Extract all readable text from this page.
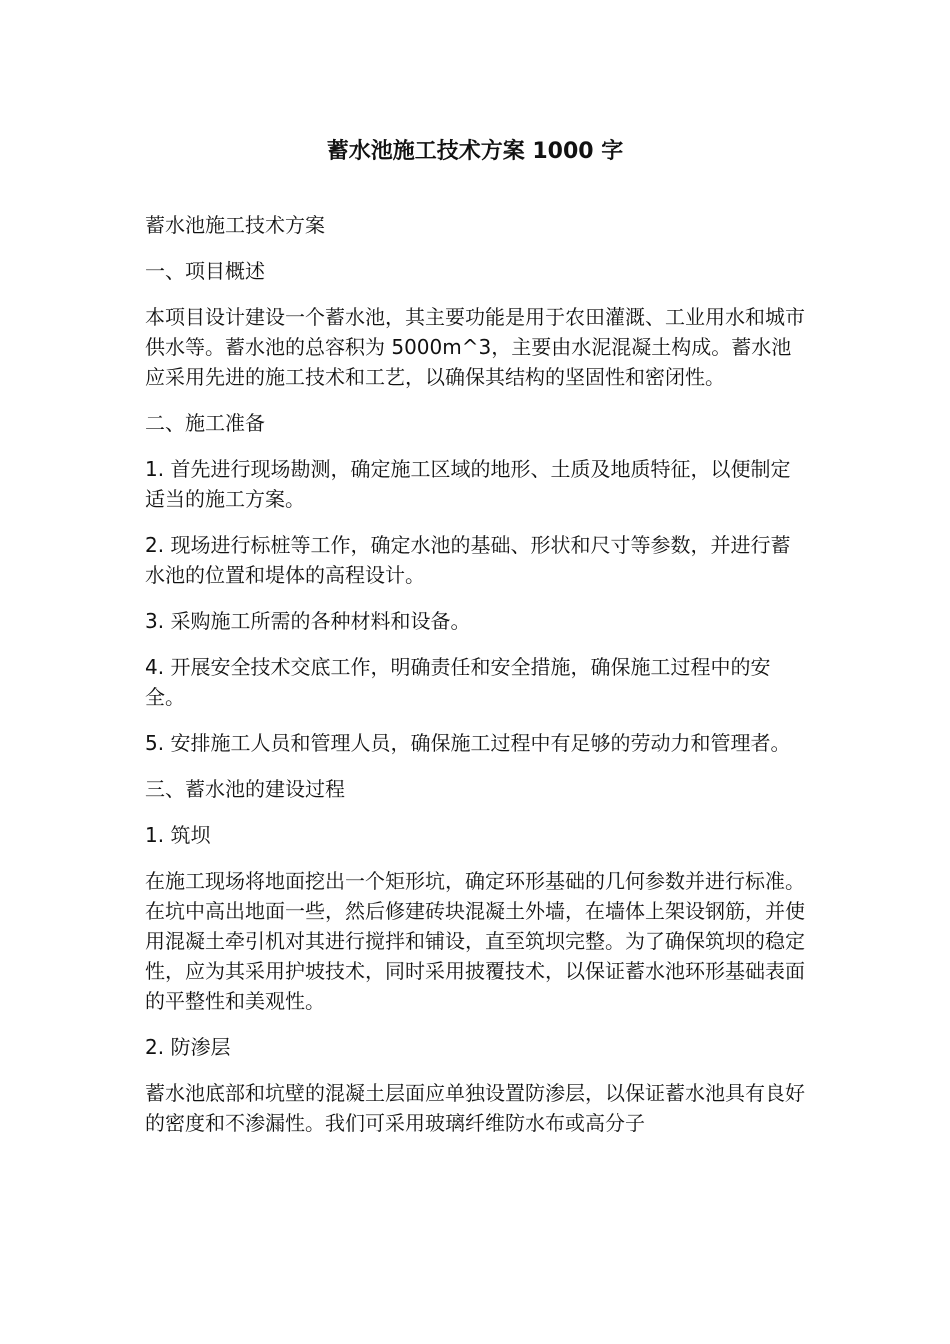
蓄水池施工技术方案 1000 字

蓄水池施工技术方案

一、项目概述

本项目设计建设一个蓄水池，其主要功能是用于农田灌溉、工业用水和城市供水等。蓄水池的总容积为 5000m^3，主要由水泥混凝土构成。蓄水池应采用先进的施工技术和工艺，以确保其结构的坚固性和密闭性。

二、施工准备

1. 首先进行现场勘测，确定施工区域的地形、土质及地质特征，以便制定适当的施工方案。

2. 现场进行标桩等工作，确定水池的基础、形状和尺寸等参数，并进行蓄水池的位置和堤体的高程设计。

3. 采购施工所需的各种材料和设备。

4. 开展安全技术交底工作，明确责任和安全措施，确保施工过程中的安全。

5. 安排施工人员和管理人员，确保施工过程中有足够的劳动力和管理者。

三、蓄水池的建设过程

1. 筑坝

在施工现场将地面挖出一个矩形坑，确定环形基础的几何参数并进行标准。在坑中高出地面一些，然后修建砖块混凝土外墙，在墙体上架设钢筋，并使用混凝土牵引机对其进行搅拌和铺设，直至筑坝完整。为了确保筑坝的稳定性，应为其采用护坡技术，同时采用披覆技术，以保证蓄水池环形基础表面的平整性和美观性。

2. 防渗层

蓄水池底部和坑壁的混凝土层面应单独设置防渗层，以保证蓄水池具有良好的密度和不渗漏性。我们可采用玻璃纤维防水布或高分子
